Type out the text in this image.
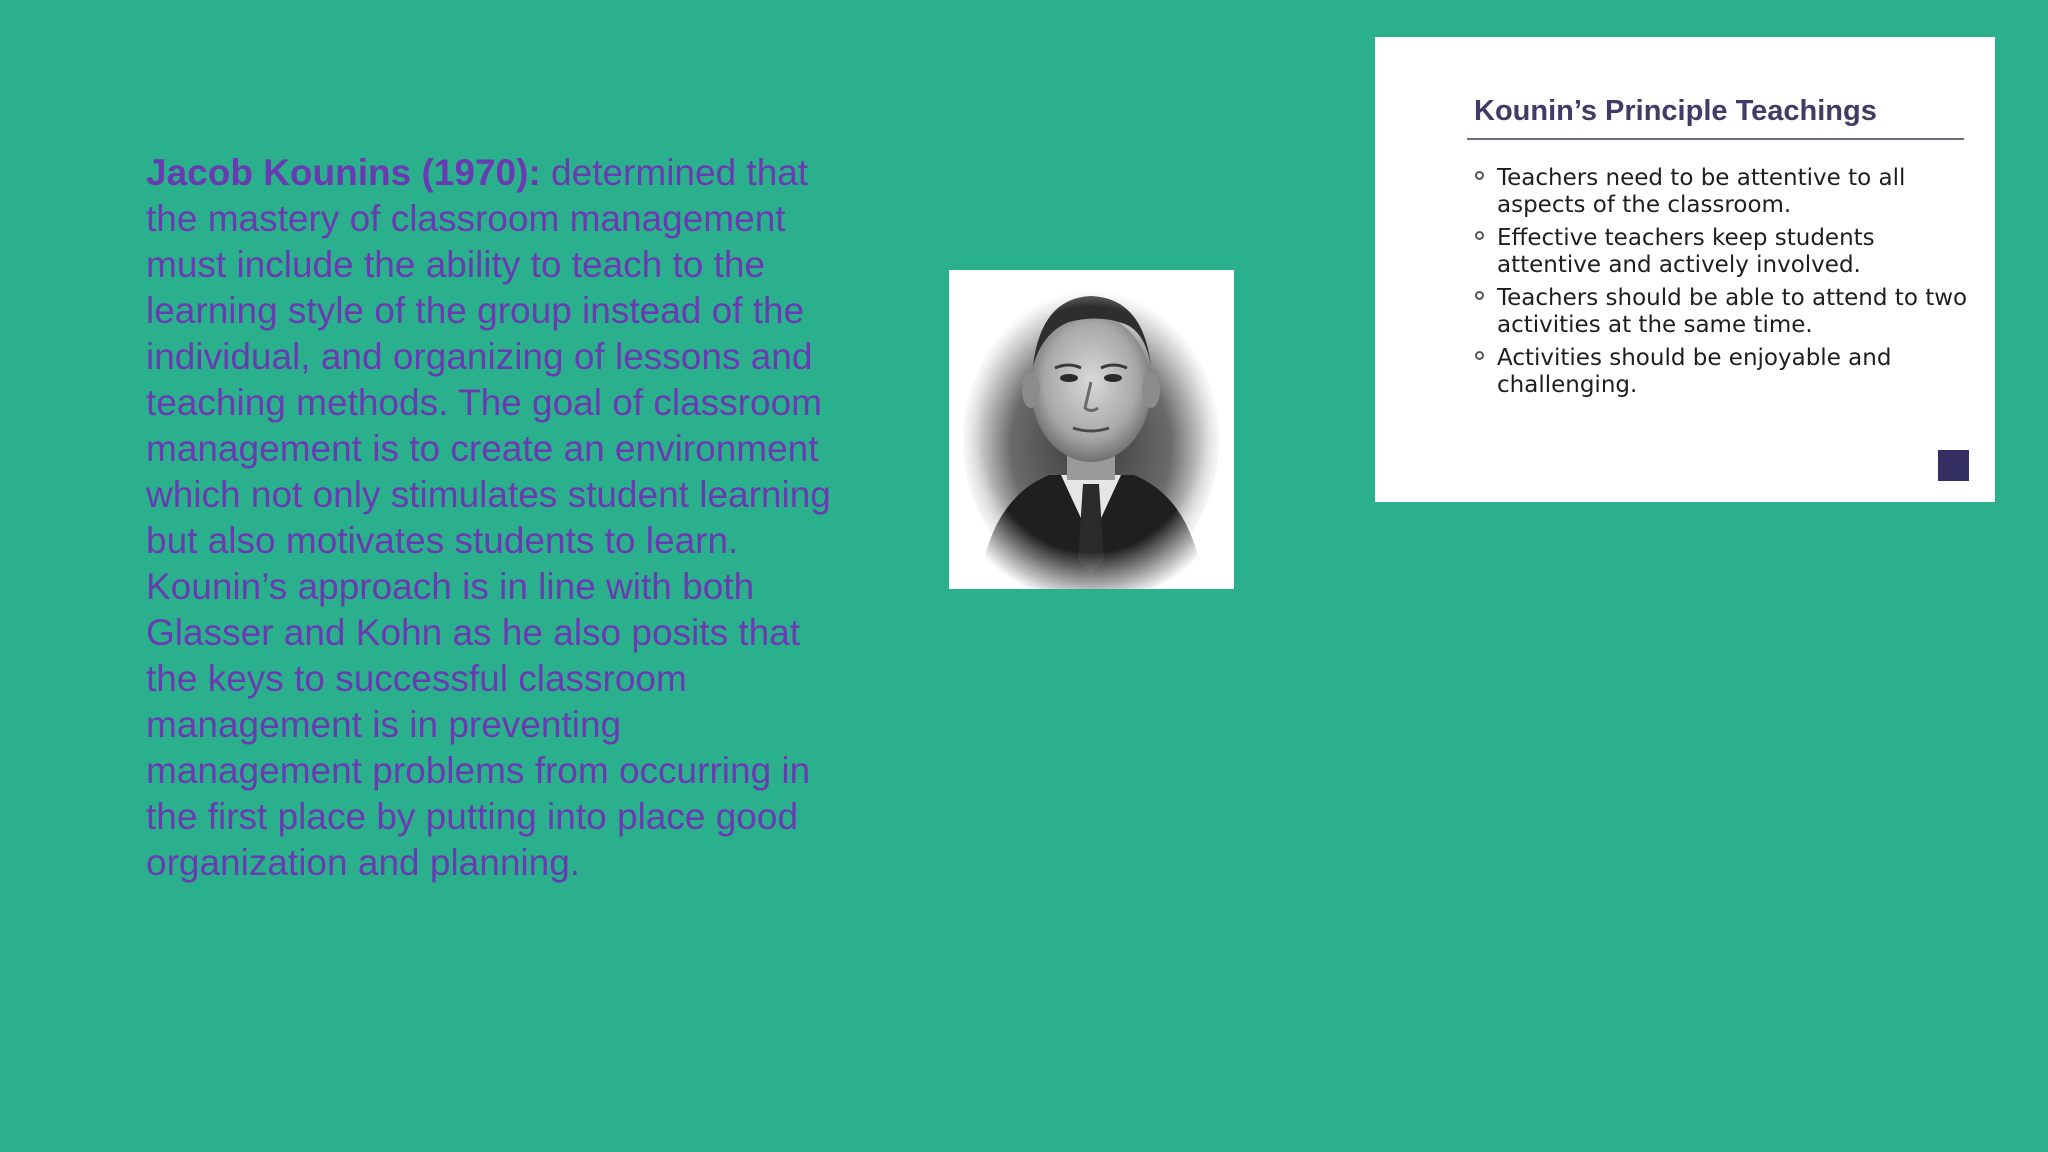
Jacob Kounins (1970): determined that the mastery of classroom management must include the ability to teach to the learning style of the group instead of the individual, and organizing of lessons and teaching methods. The goal of classroom management is to create an environment which not only stimulates student learning but also motivates students to learn. Kounin’s approach is in line with both Glasser and Kohn as he also posits that the keys to successful classroom management is in preventing management problems from occurring in the first place by putting into place good organization and planning.

Kounin’s Principle Teachings
Teachers need to be attentive to all aspects of the classroom.
Effective teachers keep students attentive and actively involved.
Teachers should be able to attend to two activities at the same time.
Activities should be enjoyable and challenging.
